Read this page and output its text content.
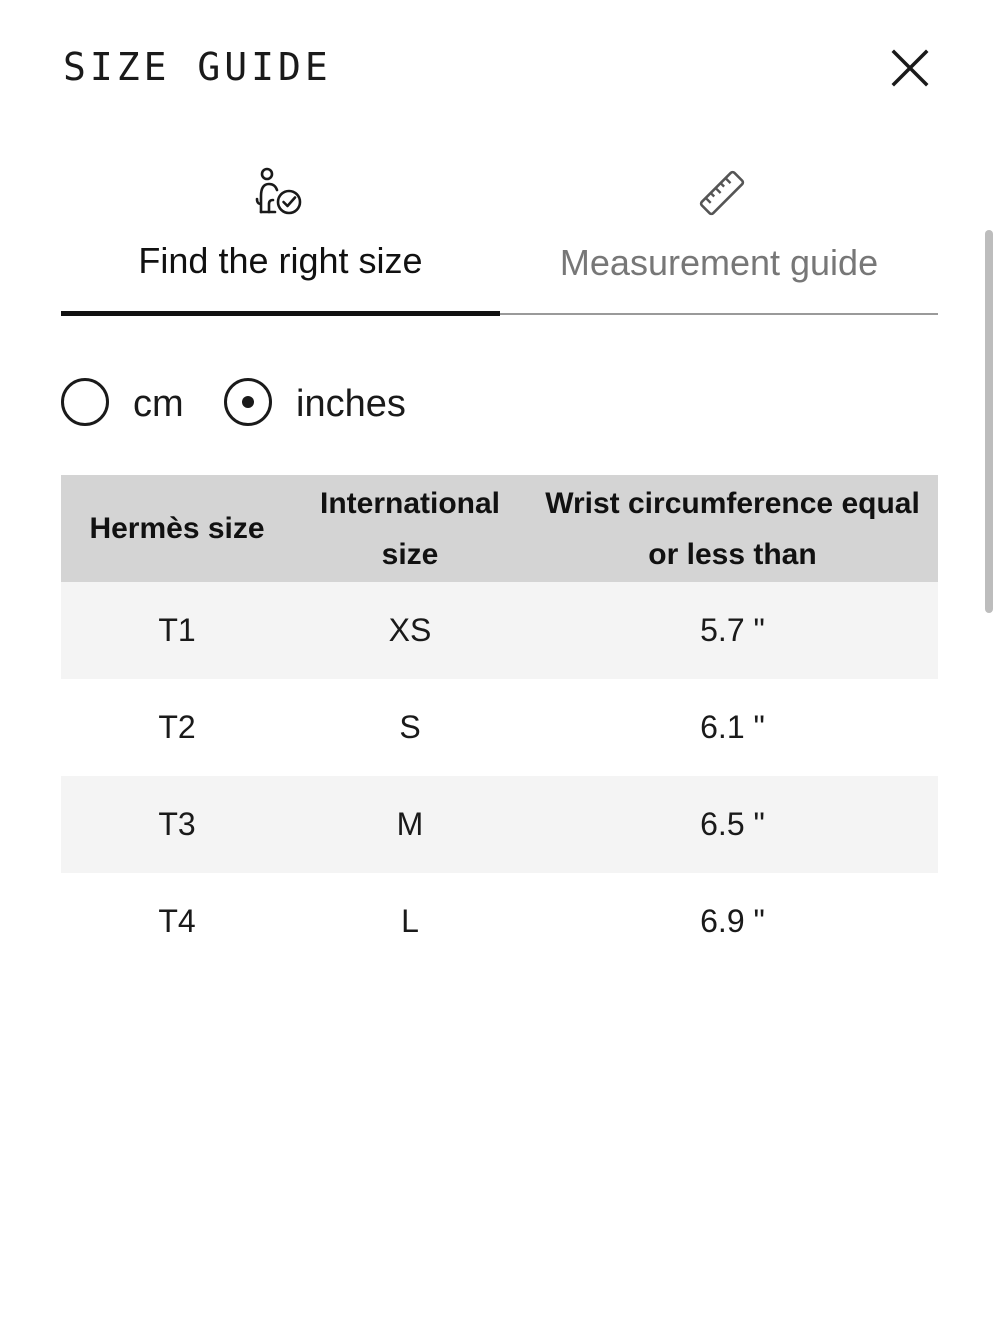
SIZE GUIDE
Find the right size	Measurement guide
cm	inches
Hermès size	International size	Wrist circumference equal or less than
T1	XS	5.7 "
T2	S	6.1 "
T3	M	6.5 "
T4	L	6.9 "
